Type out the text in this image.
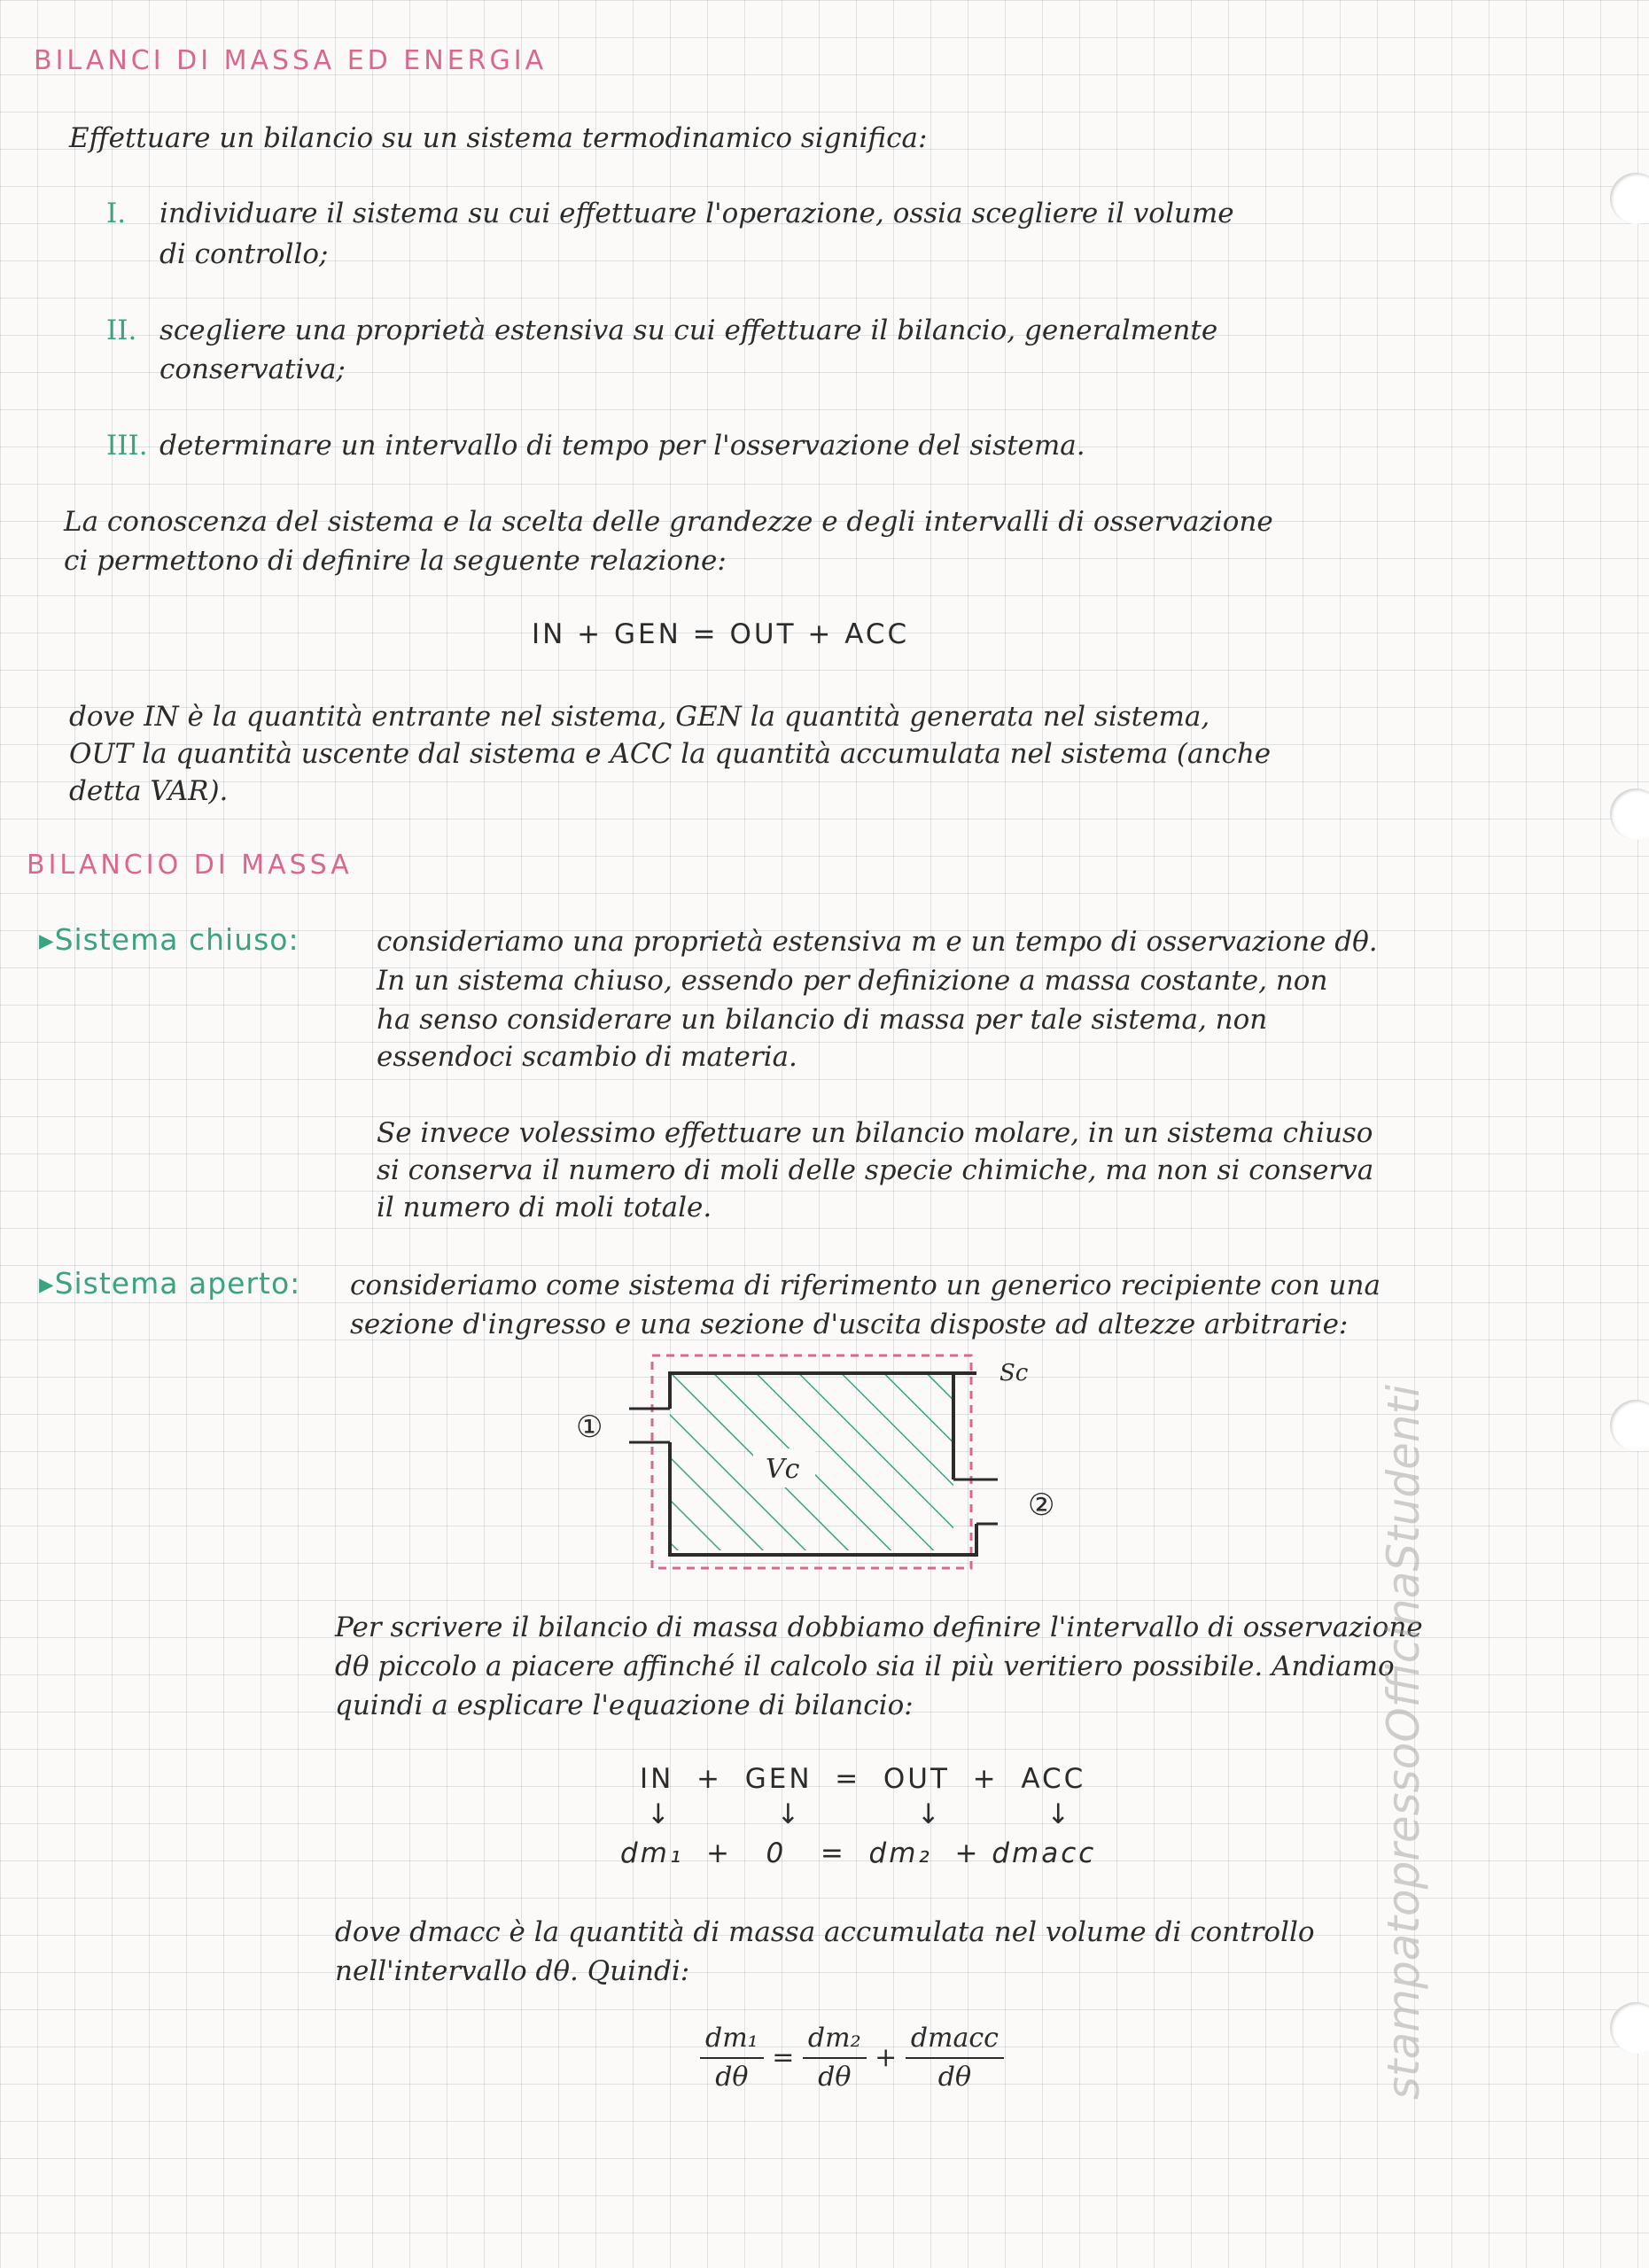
BILANCI DI MASSA ED ENERGIA
Effettuare un bilancio su un sistema termodinamico significa:
I. individuare il sistema su cui effettuare l'operazione, ossia scegliere il volume
di controllo;
II. scegliere una proprietà estensiva su cui effettuare il bilancio, generalmente
conservativa;
III. determinare un intervallo di tempo per l'osservazione del sistema.
La conoscenza del sistema e la scelta delle grandezze e degli intervalli di osservazione
ci permettono di definire la seguente relazione:
IN + GEN = OUT + ACC
dove IN è la quantità entrante nel sistema, GEN la quantità generata nel sistema,
OUT la quantità uscente dal sistema e ACC la quantità accumulata nel sistema (anche
detta VAR).
BILANCIO DI MASSA
▸Sistema chiuso:	consideriamo una proprietà estensiva m e un tempo di osservazione dθ.
In un sistema chiuso, essendo per definizione a massa costante, non
ha senso considerare un bilancio di massa per tale sistema, non
essendoci scambio di materia.
Se invece volessimo effettuare un bilancio molare, in un sistema chiuso
si conserva il numero di moli delle specie chimiche, ma non si conserva
il numero di moli totale.
▸Sistema aperto: consideriamo come sistema di riferimento un generico recipiente con una
sezione d'ingresso e una sezione d'uscita disposte ad altezze arbitrarie:
Vc
Sc
①
②
Per scrivere il bilancio di massa dobbiamo definire l'intervallo di osservazione
dθ piccolo a piacere affinché il calcolo sia il più veritiero possibile. Andiamo
quindi a esplicare l'equazione di bilancio:
IN  +  GEN  =  OUT  +  ACC
↓          ↓           ↓          ↓
dm₁  +   0   =  dm₂  + dmacc
dove dmacc è la quantità di massa accumulata nel volume di controllo
nell'intervallo dθ. Quindi:
$\frac{\text{dm₁}}{d\theta} = \frac{\text{dm₂}}{d\theta} + \frac{\text{dmacc}}{d\theta}$	stampatopressoOfficinaStudenti
